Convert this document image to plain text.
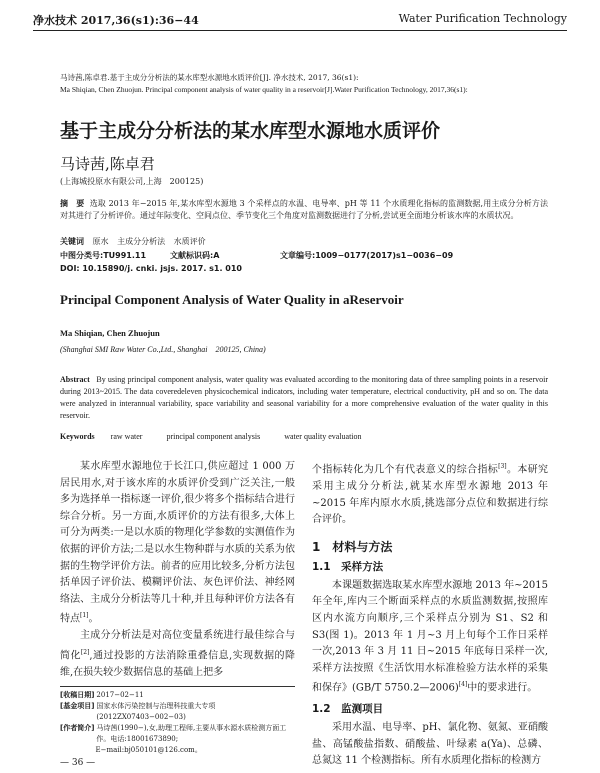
净水技术 2017,36(s1):36−44	Water Purification Technology
马诗茜,陈卓君.基于主成分分析法的某水库型水源地水质评价[J]. 净水技术, 2017, 36(s1):
Ma Shiqian, Chen Zhuojun. Principal component analysis of water quality in a reservoir[J].Water Purification Technology, 2017,36(s1):
基于主成分分析法的某水库型水源地水质评价
马诗茜,陈卓君
(上海城投原水有限公司,上海　200125)
摘　要 选取 2013 年−2015 年,某水库型水源地 3 个采样点的水温、电导率、pH 等 11 个水质理化指标的监测数据,用主成分分析方法对其进行了分析评价。通过年际变化、空间点位、季节变化三个角度对监测数据进行了分析,尝试更全面地分析该水库的水质状况。
关键词 原水 主成分分析法 水质评价
中图分类号:TU991.11	文献标识码:A	文章编号:1009−0177(2017)s1−0036−09
DOI: 10.15890/j. cnki. jsjs. 2017. s1. 010
Principal Component Analysis of Water Quality in aReservoir
Ma Shiqian, Chen Zhuojun
(Shanghai SMI Raw Water Co.,Ltd., Shanghai　200125, China)
Abstract By using principal component analysis, water quality was evaluated according to the monitoring data of three sampling points in a reservoir during 2013~2015. The data coveredeleven physicochemical indicators, including water temperature, electrical conductivity, pH and so on. The data were analyzed in interannual variability, space variability and seasonal variability for a more comprehensive evaluation of the water quality in this reservoir.
Keywords raw water	principal component analysis	water quality evaluation

某水库型水源地位于长江口,供应超过 1 000 万居民用水,对于该水库的水质评价受到广泛关注,一般多为选择单一指标逐一评价,很少将多个指标结合进行综合分析。另一方面,水质评价的方法有很多,大体上可分为两类:一是以水质的物理化学参数的实测值作为依据的评价方法;二是以水生物种群与水质的关系为依据的生物学评价方法。前者的应用比较多,分析方法包括单因子评价法、模糊评价法、灰色评价法、神经网络法、主成分分析法等几十种,并且每种评价方法各有特点[1]。

主成分分析法是对高位变量系统进行最佳综合与简化[2],通过投影的方法消除重叠信息,实现数据的降维,在损失较少数据信息的基础上把多

个指标转化为几个有代表意义的综合指标[3]。本研究采用主成分分析法,就某水库型水源地 2013 年~2015 年库内原水水质,挑选部分点位和数据进行综合评价。

1　材料与方法
1.1　采样方法

本课题数据选取某水库型水源地 2013 年~2015 年全年,库内三个断面采样点的水质监测数据,按照库区内水流方向顺序,三个采样点分别为 S1、S2 和 S3(图 1)。2013 年 1 月~3 月上旬每个工作日采样一次,2013 年 3 月 11 日~2015 年底每日采样一次,采样方法按照《生活饮用水标准检验方法水样的采集和保存》(GB/T 5750.2—2006)[4]中的要求进行。

1.2　监测项目

采用水温、电导率、pH、氯化物、氨氮、亚硝酸盐、高锰酸盐指数、硝酸盐、叶绿素 a(Ya)、总磷、总氮这 11 个检测指标。所有水质理化指标的检测方

[收稿日期] 2017−02−11
[基金项目] 国家水体污染控制与治理科技重大专项(2012ZX07403−002−03)
[作者简介] 马诗茜(1990−),女,助理工程师,主要从事水源水质检测方面工作。电话:18001673890;
E−mail:bj050101@126.com。
— 36 —
